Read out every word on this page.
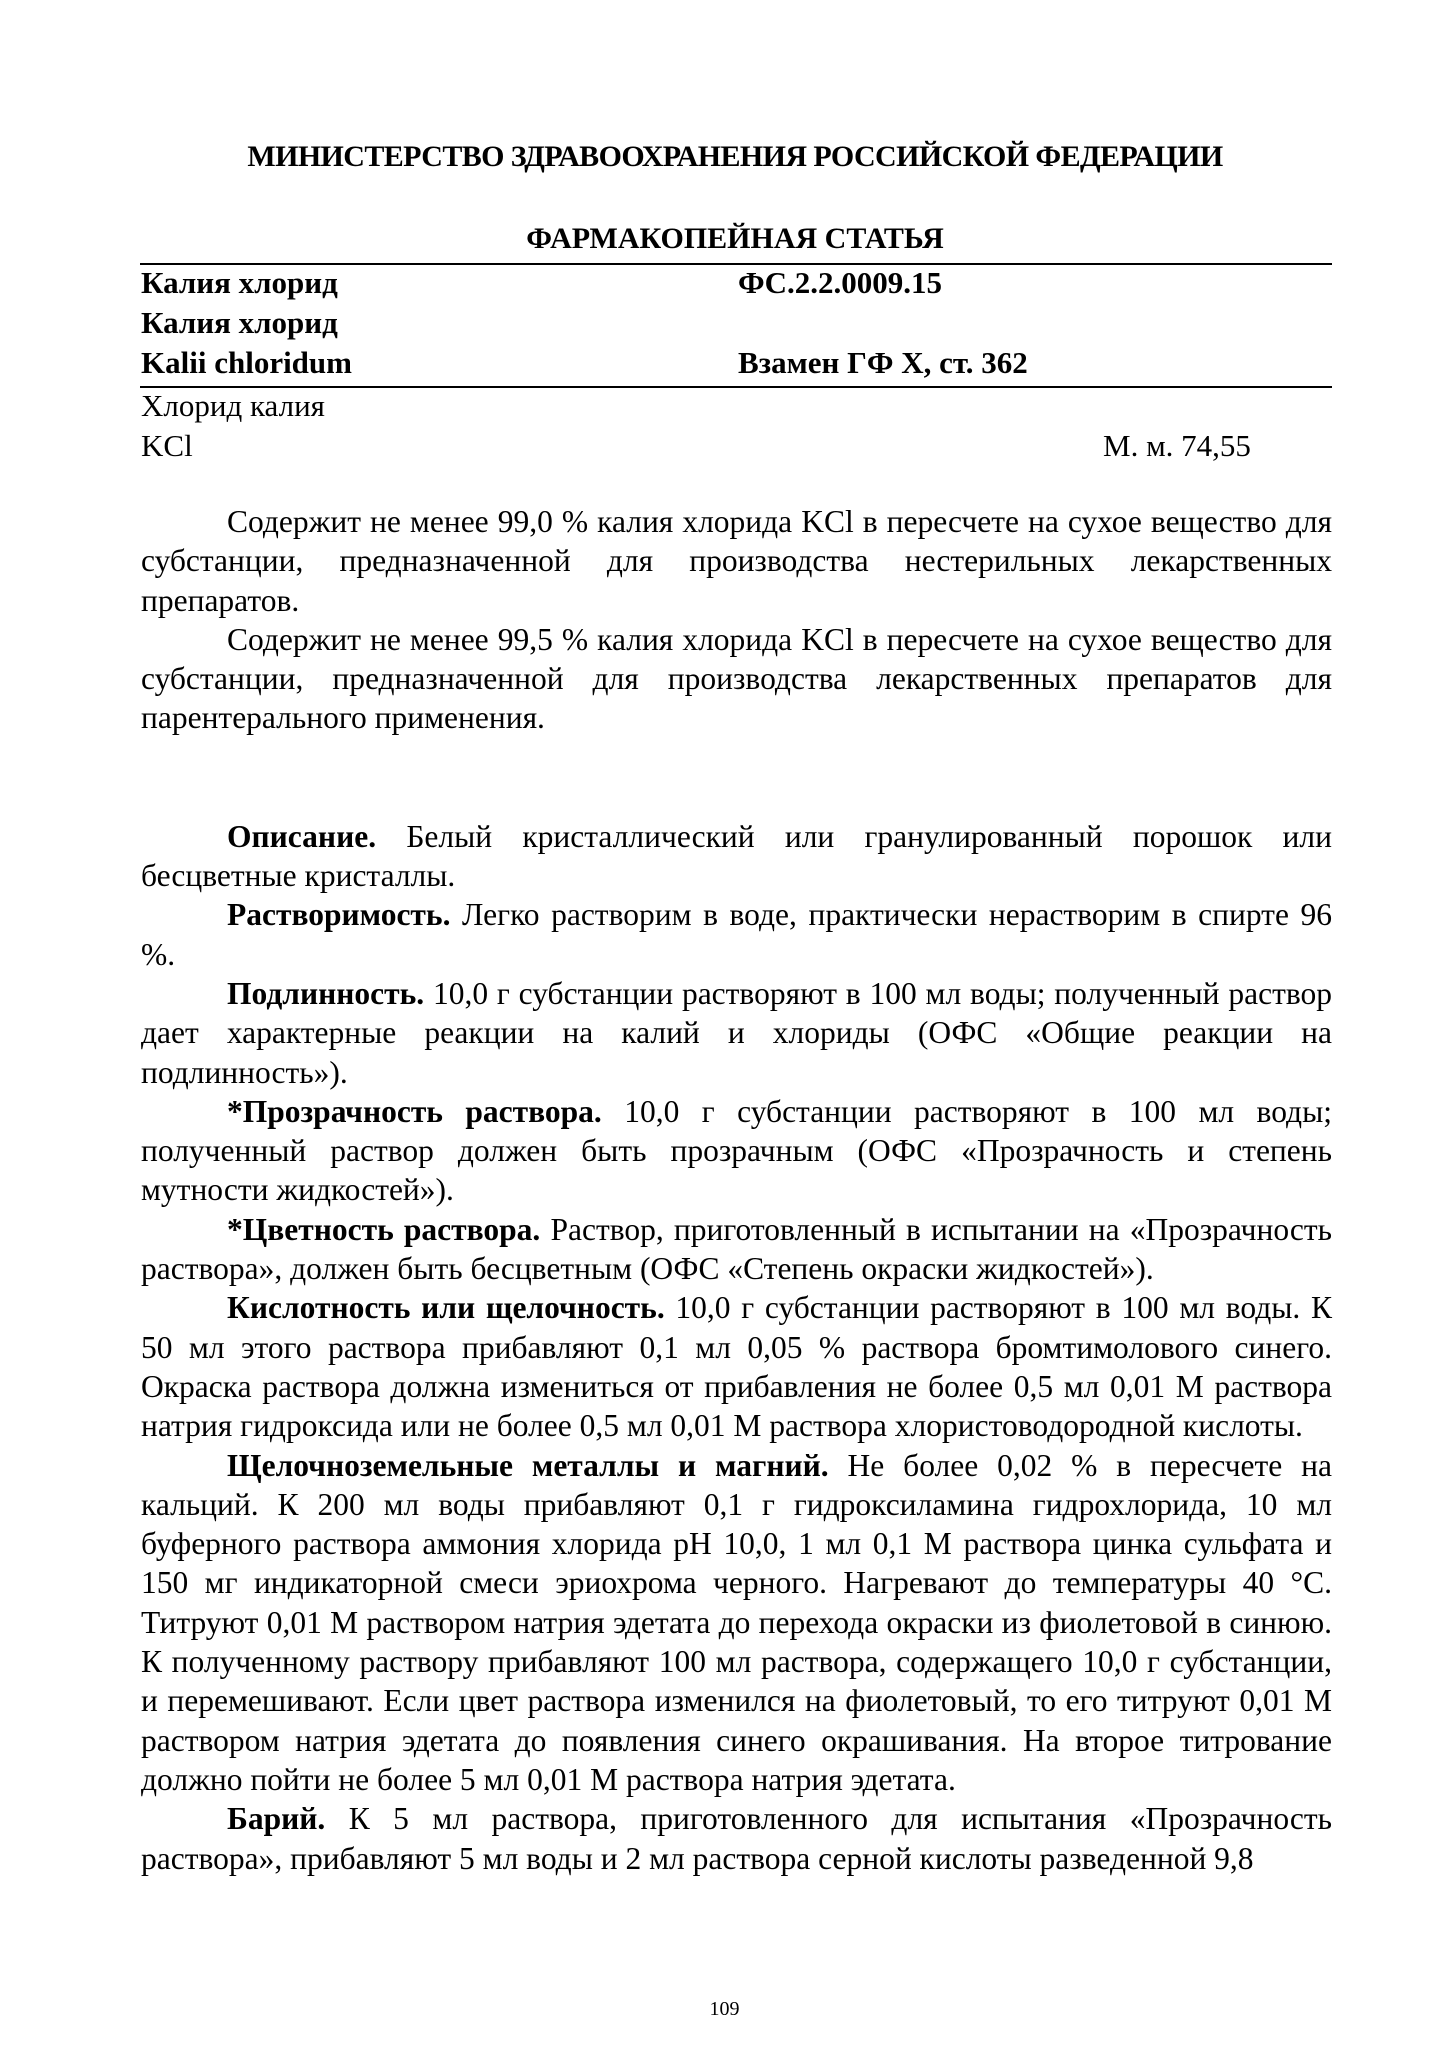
МИНИСТЕРСТВО ЗДРАВООХРАНЕНИЯ РОССИЙСКОЙ ФЕДЕРАЦИИ
ФАРМАКОПЕЙНАЯ СТАТЬЯ
Калия хлорид	ФС.2.2.0009.15
Калия хлорид
Kalii chloridum	Взамен ГФ Х, ст. 362
Хлорид калия
KCl	М. м. 74,55

Содержит не менее 99,0 % калия хлорида KCl в пересчете на сухое вещество для субстанции, предназначенной для производства нестерильных лекарственных препаратов.

Содержит не менее 99,5 % калия хлорида KCl в пересчете на сухое вещество для субстанции, предназначенной для производства лекарственных препаратов для парентерального применения.

Описание. Белый кристаллический или гранулированный порошок или бесцветные кристаллы.

Растворимость. Легко растворим в воде, практически нерастворим в спирте 96 %.

Подлинность. 10,0 г субстанции растворяют в 100 мл воды; полученный раствор дает характерные реакции на калий и хлориды (ОФС «Общие реакции на подлинность»).

*Прозрачность раствора. 10,0 г субстанции растворяют в 100 мл воды; полученный раствор должен быть прозрачным (ОФС «Прозрачность и степень мутности жидкостей»).

*Цветность раствора. Раствор, приготовленный в испытании на «Прозрачность раствора», должен быть бесцветным (ОФС «Степень окраски жидкостей»).

Кислотность или щелочность. 10,0 г субстанции растворяют в 100 мл воды. К 50 мл этого раствора прибавляют 0,1 мл 0,05 % раствора бромтимолового синего. Окраска раствора должна измениться от прибавления не более 0,5 мл 0,01 М раствора натрия гидроксида или не более 0,5 мл 0,01 М раствора хлористоводородной кислоты.

Щелочноземельные металлы и магний. Не более 0,02 % в пересчете на кальций. К 200 мл воды прибавляют 0,1 г гидроксиламина гидрохлорида, 10 мл буферного раствора аммония хлорида pH 10,0, 1 мл 0,1 М раствора цинка сульфата и 150 мг индикаторной смеси эриохрома черного. Нагревают до температуры 40 °С. Титруют 0,01 М раствором натрия эдетата до перехода окраски из фиолетовой в синюю. К полученному раствору прибавляют 100 мл раствора, содержащего 10,0 г субстанции, и перемешивают. Если цвет раствора изменился на фиолетовый, то его титруют 0,01 М раствором натрия эдетата до появления синего окрашивания. На второе титрование должно пойти не более 5 мл 0,01 М раствора натрия эдетата.

Барий. К 5 мл раствора, приготовленного для испытания «Прозрачность раствора», прибавляют 5 мл воды и 2 мл раствора серной кислоты разведенной 9,8

109
